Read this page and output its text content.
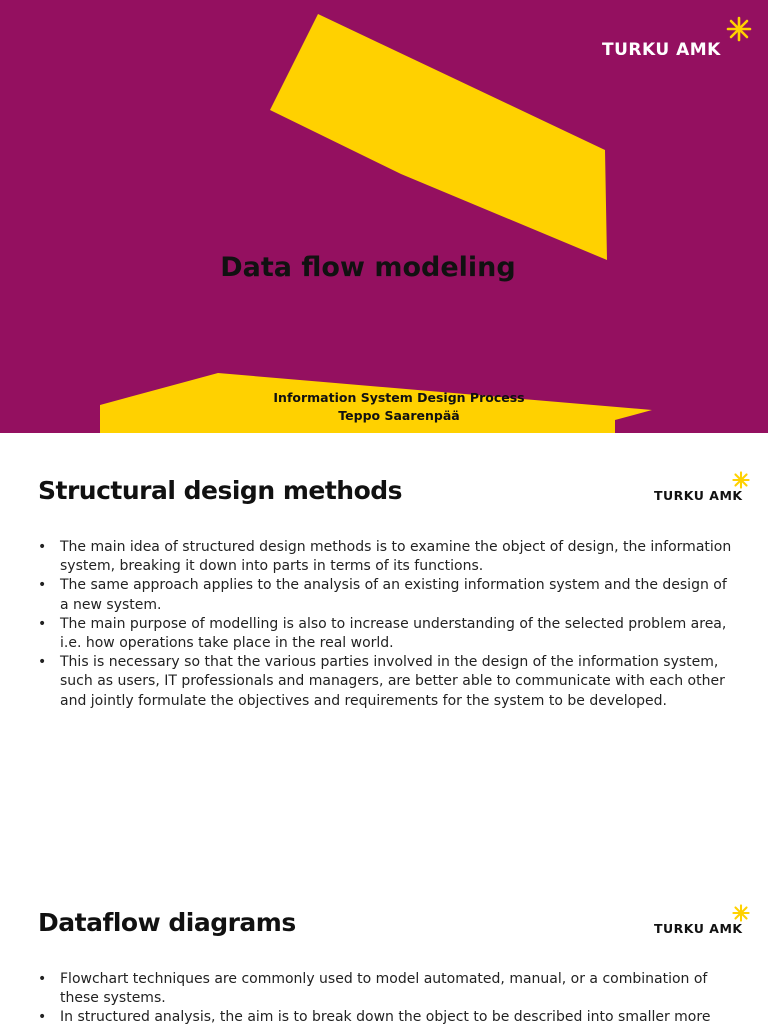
TURKU AMK
Data flow modeling
Information System Design Process
Teppo Saarenpää
Structural design methods	TURKU AMK
• The main idea of structured design methods is to examine the object of design, the information system, breaking it down into parts in terms of its functions.
• The same approach applies to the analysis of an existing information system and the design of a new system.
• The main purpose of modelling is also to increase understanding of the selected problem area, i.e. how operations take place in the real world.
• This is necessary so that the various parties involved in the design of the information system, such as users, IT professionals and managers, are better able to communicate with each other and jointly formulate the objectives and requirements for the system to be developed.
Dataflow diagrams	TURKU AMK
• Flowchart techniques are commonly used to model automated, manual, or a combination of these systems.
• In structured analysis, the aim is to break down the object to be described into smaller more
